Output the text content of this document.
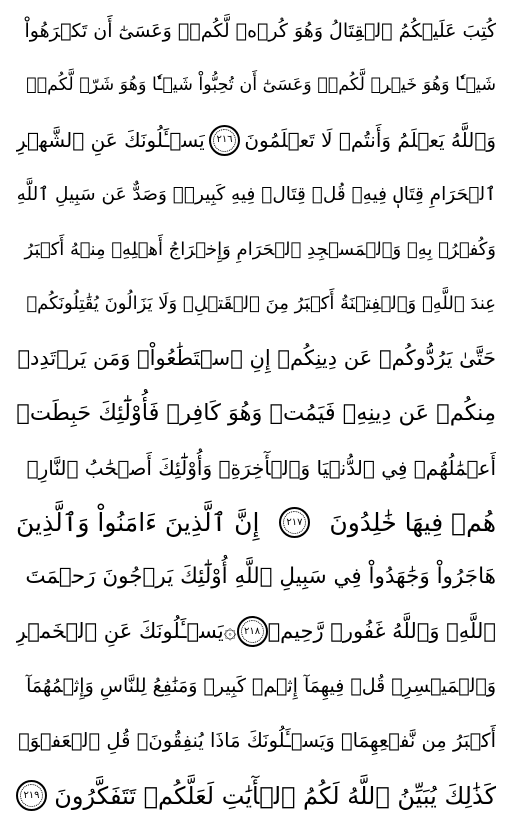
كُتِبَ عَلَيۡكُمُ ٱلۡقِتَالُ وَهُوَ كُرۡهٞ لَّكُمۡۖ وَعَسَىٰٓ أَن تَكۡرَهُواْ
شَيۡـٔٗا وَهُوَ خَيۡرٞ لَّكُمۡۖ وَعَسَىٰٓ أَن تُحِبُّواْ شَيۡـٔٗا وَهُوَ شَرّٞ لَّكُمۡۗ
وَٱللَّهُ يَعۡلَمُ وَأَنتُمۡ لَا تَعۡلَمُونَ
٢١٦
يَسۡـَٔلُونَكَ عَنِ ٱلشَّهۡرِ
ٱلۡحَرَامِ قِتَالٖ فِيهِۖ قُلۡ قِتَالٞ فِيهِ كَبِيرٞۚ وَصَدٌّ عَن سَبِيلِ ٱللَّهِ
وَكُفۡرُۢ بِهِۦ وَٱلۡمَسۡجِدِ ٱلۡحَرَامِ وَإِخۡرَاجُ أَهۡلِهِۦ مِنۡهُ أَكۡبَرُ
عِندَ ٱللَّهِۚ وَٱلۡفِتۡنَةُ أَكۡبَرُ مِنَ ٱلۡقَتۡلِۗ وَلَا يَزَالُونَ يُقَٰتِلُونَكُمۡ
حَتَّىٰ يَرُدُّوكُمۡ عَن دِينِكُمۡ إِنِ ٱسۡتَطَٰعُواْۚ وَمَن يَرۡتَدِدۡ
مِنكُمۡ عَن دِينِهِۦ فَيَمُتۡ وَهُوَ كَافِرٞ فَأُوْلَٰٓئِكَ حَبِطَتۡ
أَعۡمَٰلُهُمۡ فِي ٱلدُّنۡيَا وَٱلۡأٓخِرَةِۖ وَأُوْلَٰٓئِكَ أَصۡحَٰبُ ٱلنَّارِۖ
هُمۡ فِيهَا خَٰلِدُونَ
٢١٧
إِنَّ ٱلَّذِينَ ءَامَنُواْ وَٱلَّذِينَ
هَاجَرُواْ وَجَٰهَدُواْ فِي سَبِيلِ ٱللَّهِ أُوْلَٰٓئِكَ يَرۡجُونَ رَحۡمَتَ
ٱللَّهِۚ وَٱللَّهُ غَفُورٞ رَّحِيمٞ
٢١٨
۞
يَسۡـَٔلُونَكَ عَنِ ٱلۡخَمۡرِ
وَٱلۡمَيۡسِرِۖ قُلۡ فِيهِمَآ إِثۡمٞ كَبِيرٞ وَمَنَٰفِعُ لِلنَّاسِ وَإِثۡمُهُمَآ
أَكۡبَرُ مِن نَّفۡعِهِمَاۗ وَيَسۡـَٔلُونَكَ مَاذَا يُنفِقُونَۖ قُلِ ٱلۡعَفۡوَۗ
كَذَٰلِكَ يُبَيِّنُ ٱللَّهُ لَكُمُ ٱلۡأٓيَٰتِ لَعَلَّكُمۡ تَتَفَكَّرُونَ
٢١٩
